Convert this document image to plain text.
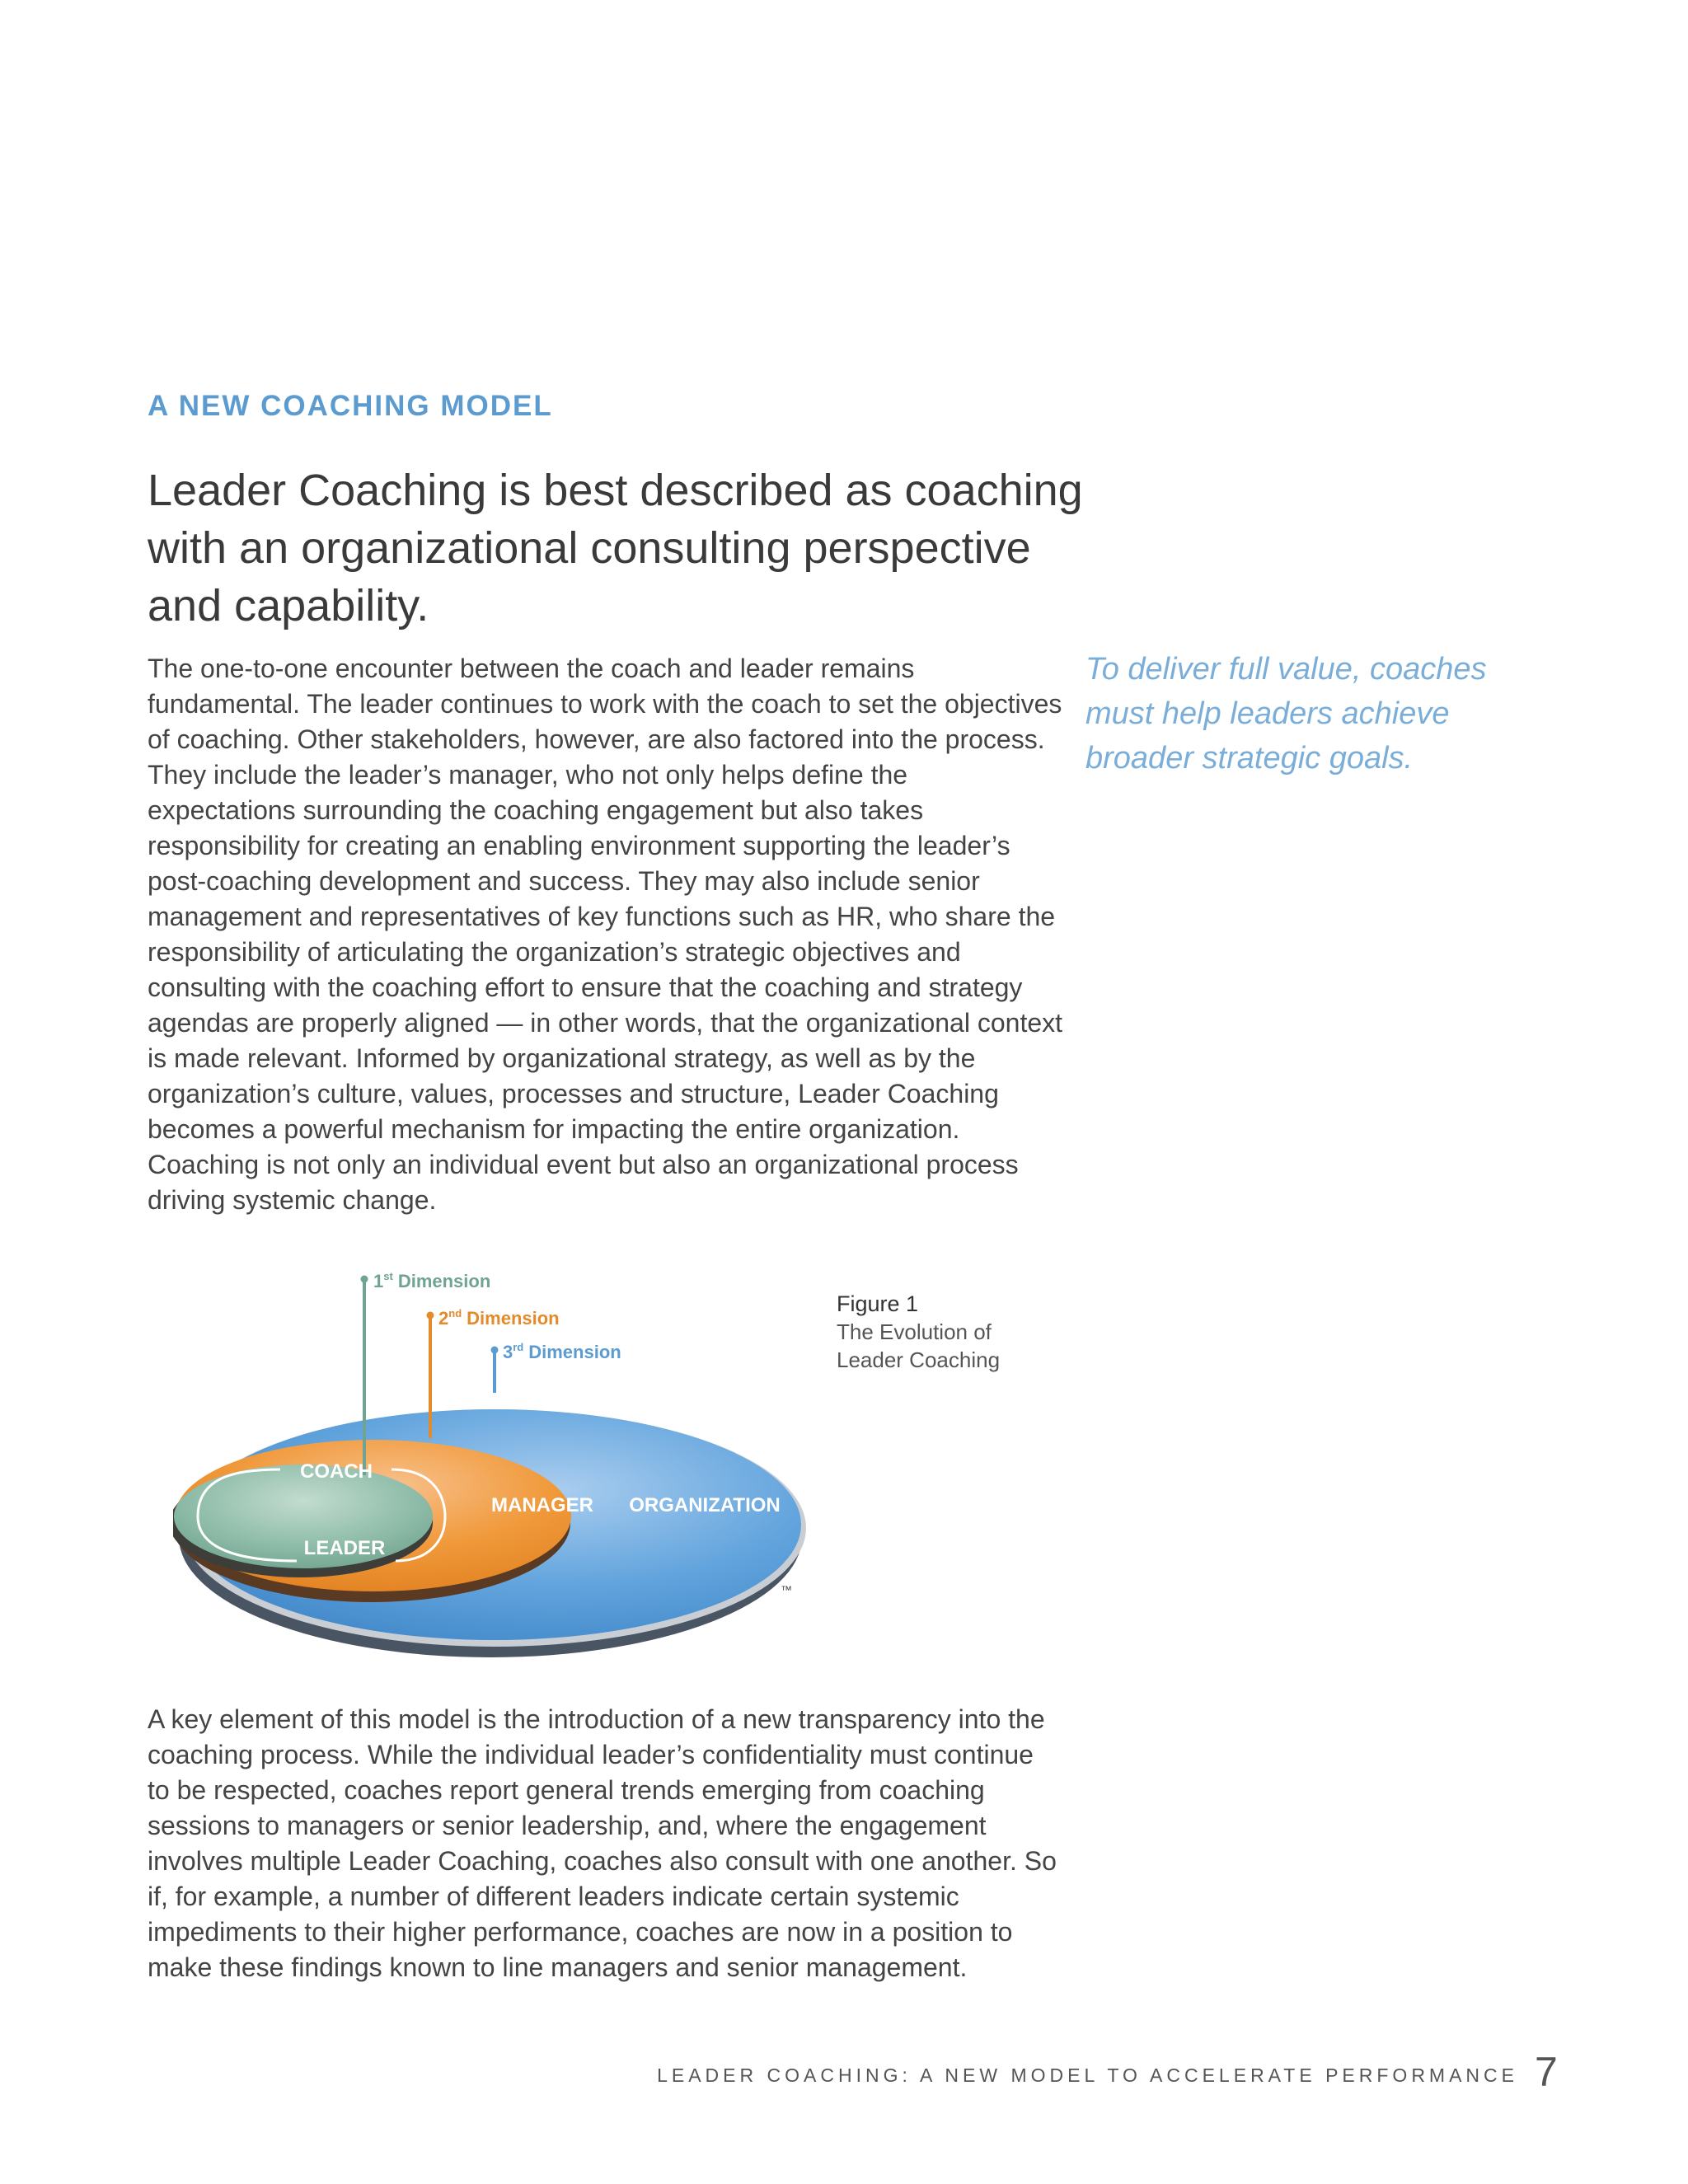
A NEW COACHING MODEL
Leader Coaching is best described as coaching with an organizational consulting perspective and capability.

The one-to-one encounter between the coach and leader remains fundamental. The leader continues to work with the coach to set the objectives of coaching. Other stakeholders, however, are also factored into the process. They include the leader’s manager, who not only helps define the expectations surrounding the coaching engagement but also takes responsibility for creating an enabling environment supporting the leader’s post-coaching development and success. They may also include senior management and representatives of key functions such as HR, who share the responsibility of articulating the organization’s strategic objectives and consulting with the coaching effort to ensure that the coaching and strategy agendas are properly aligned — in other words, that the organizational context is made relevant. Informed by organizational strategy, as well as by the organization’s culture, values, processes and structure, Leader Coaching becomes a powerful mechanism for impacting the entire organization. Coaching is not only an individual event but also an organizational process driving systemic change.

To deliver full value, coaches must help leaders achieve broader strategic goals.
1st Dimension
2nd Dimension
3rd Dimension
COACH
LEADER
MANAGER ORGANIZATION
™
Figure 1
The Evolution of
Leader Coaching

A key element of this model is the introduction of a new transparency into the coaching process. While the individual leader’s confidentiality must continue to be respected, coaches report general trends emerging from coaching sessions to managers or senior leadership, and, where the engagement involves multiple Leader Coaching, coaches also consult with one another. So if, for example, a number of different leaders indicate certain systemic impediments to their higher performance, coaches are now in a position to make these findings known to line managers and senior management.

LEADER COACHING: A NEW MODEL TO ACCELERATE PERFORMANCE 7
